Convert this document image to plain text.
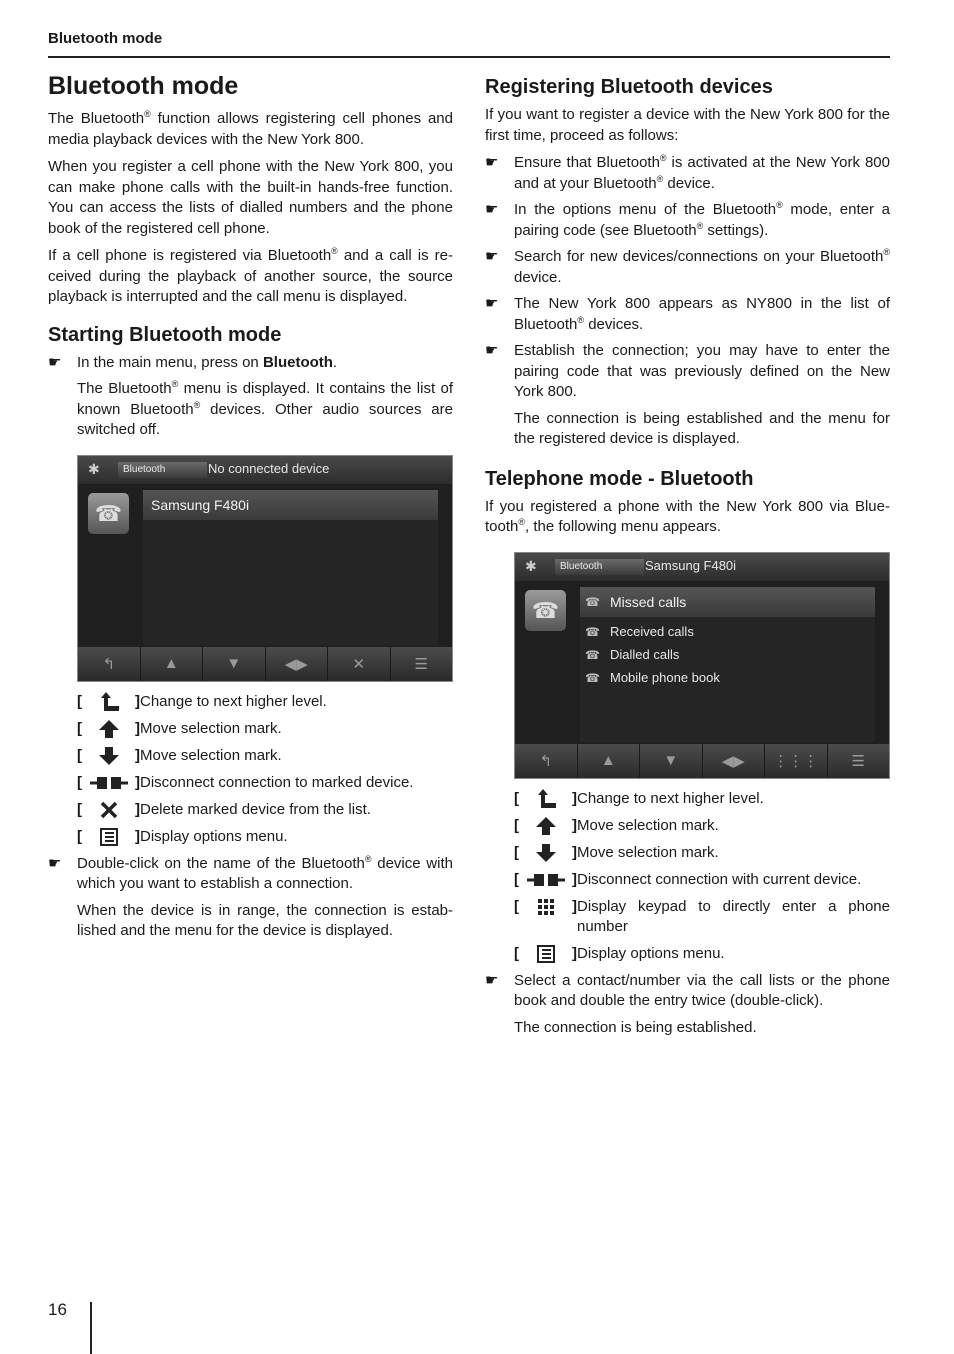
Bluetooth mode
Bluetooth mode

The Bluetooth® function allows registering cell phones and media playback devices with the New York 800.

When you register a cell phone with the New York 800, you can make phone calls with the built-in hands-free function. You can access the lists of dialled numbers and the phone book of the registered cell phone.

If a cell phone is registered via Bluetooth® and a call is received during the playback of another source, the source playback is interrupted and the call menu is displayed.

Starting Bluetooth mode
☛ In the main menu, press on Bluetooth.

The Bluetooth® menu is displayed. It contains the list of known Bluetooth® devices. Other audio sources are switched off.

✱	Bluetooth	No connected device
☎	Samsung F480i
↰	▲	▼	◀▶	✕	☰
[	] Change to next higher level.
[	] Move selection mark.
[	] Move selection mark.
[	] Disconnect connection to marked device.
[	] Delete marked device from the list.
[	] Display options menu.
☛ Double-click on the name of the Bluetooth® device with which you want to establish a connection.

When the device is in range, the connection is established and the menu for the device is displayed.

Registering Bluetooth devices

If you want to register a device with the New York 800 for the first time, proceed as follows:

☛ Ensure that Bluetooth® is activated at the New York 800 and at your Bluetooth® device.
☛ In the options menu of the Bluetooth® mode, enter a pairing code (see Bluetooth® settings).
☛ Search for new devices/connections on your Bluetooth® device.
☛ The New York 800 appears as NY800 in the list of Bluetooth® devices.
☛ Establish the connection; you may have to enter the pairing code that was previously defined on the New York 800.

The connection is being established and the menu for the registered device is displayed.

Telephone mode - Bluetooth

If you registered a phone with the New York 800 via Bluetooth®, the following menu appears.

✱	Bluetooth	Samsung F480i
☎	☎ Missed calls
☎ Received calls
☎ Dialled calls
☎ Mobile phone book
↰	▲	▼	◀▶	⋮⋮⋮	☰
[	] Change to next higher level.
[	] Move selection mark.
[	] Move selection mark.
[	] Disconnect connection with current device.
[	] Display keypad to directly enter a phone number
[	] Display options menu.
☛ Select a contact/number via the call lists or the phone book and double the entry twice (double-click).

The connection is being established.

16
